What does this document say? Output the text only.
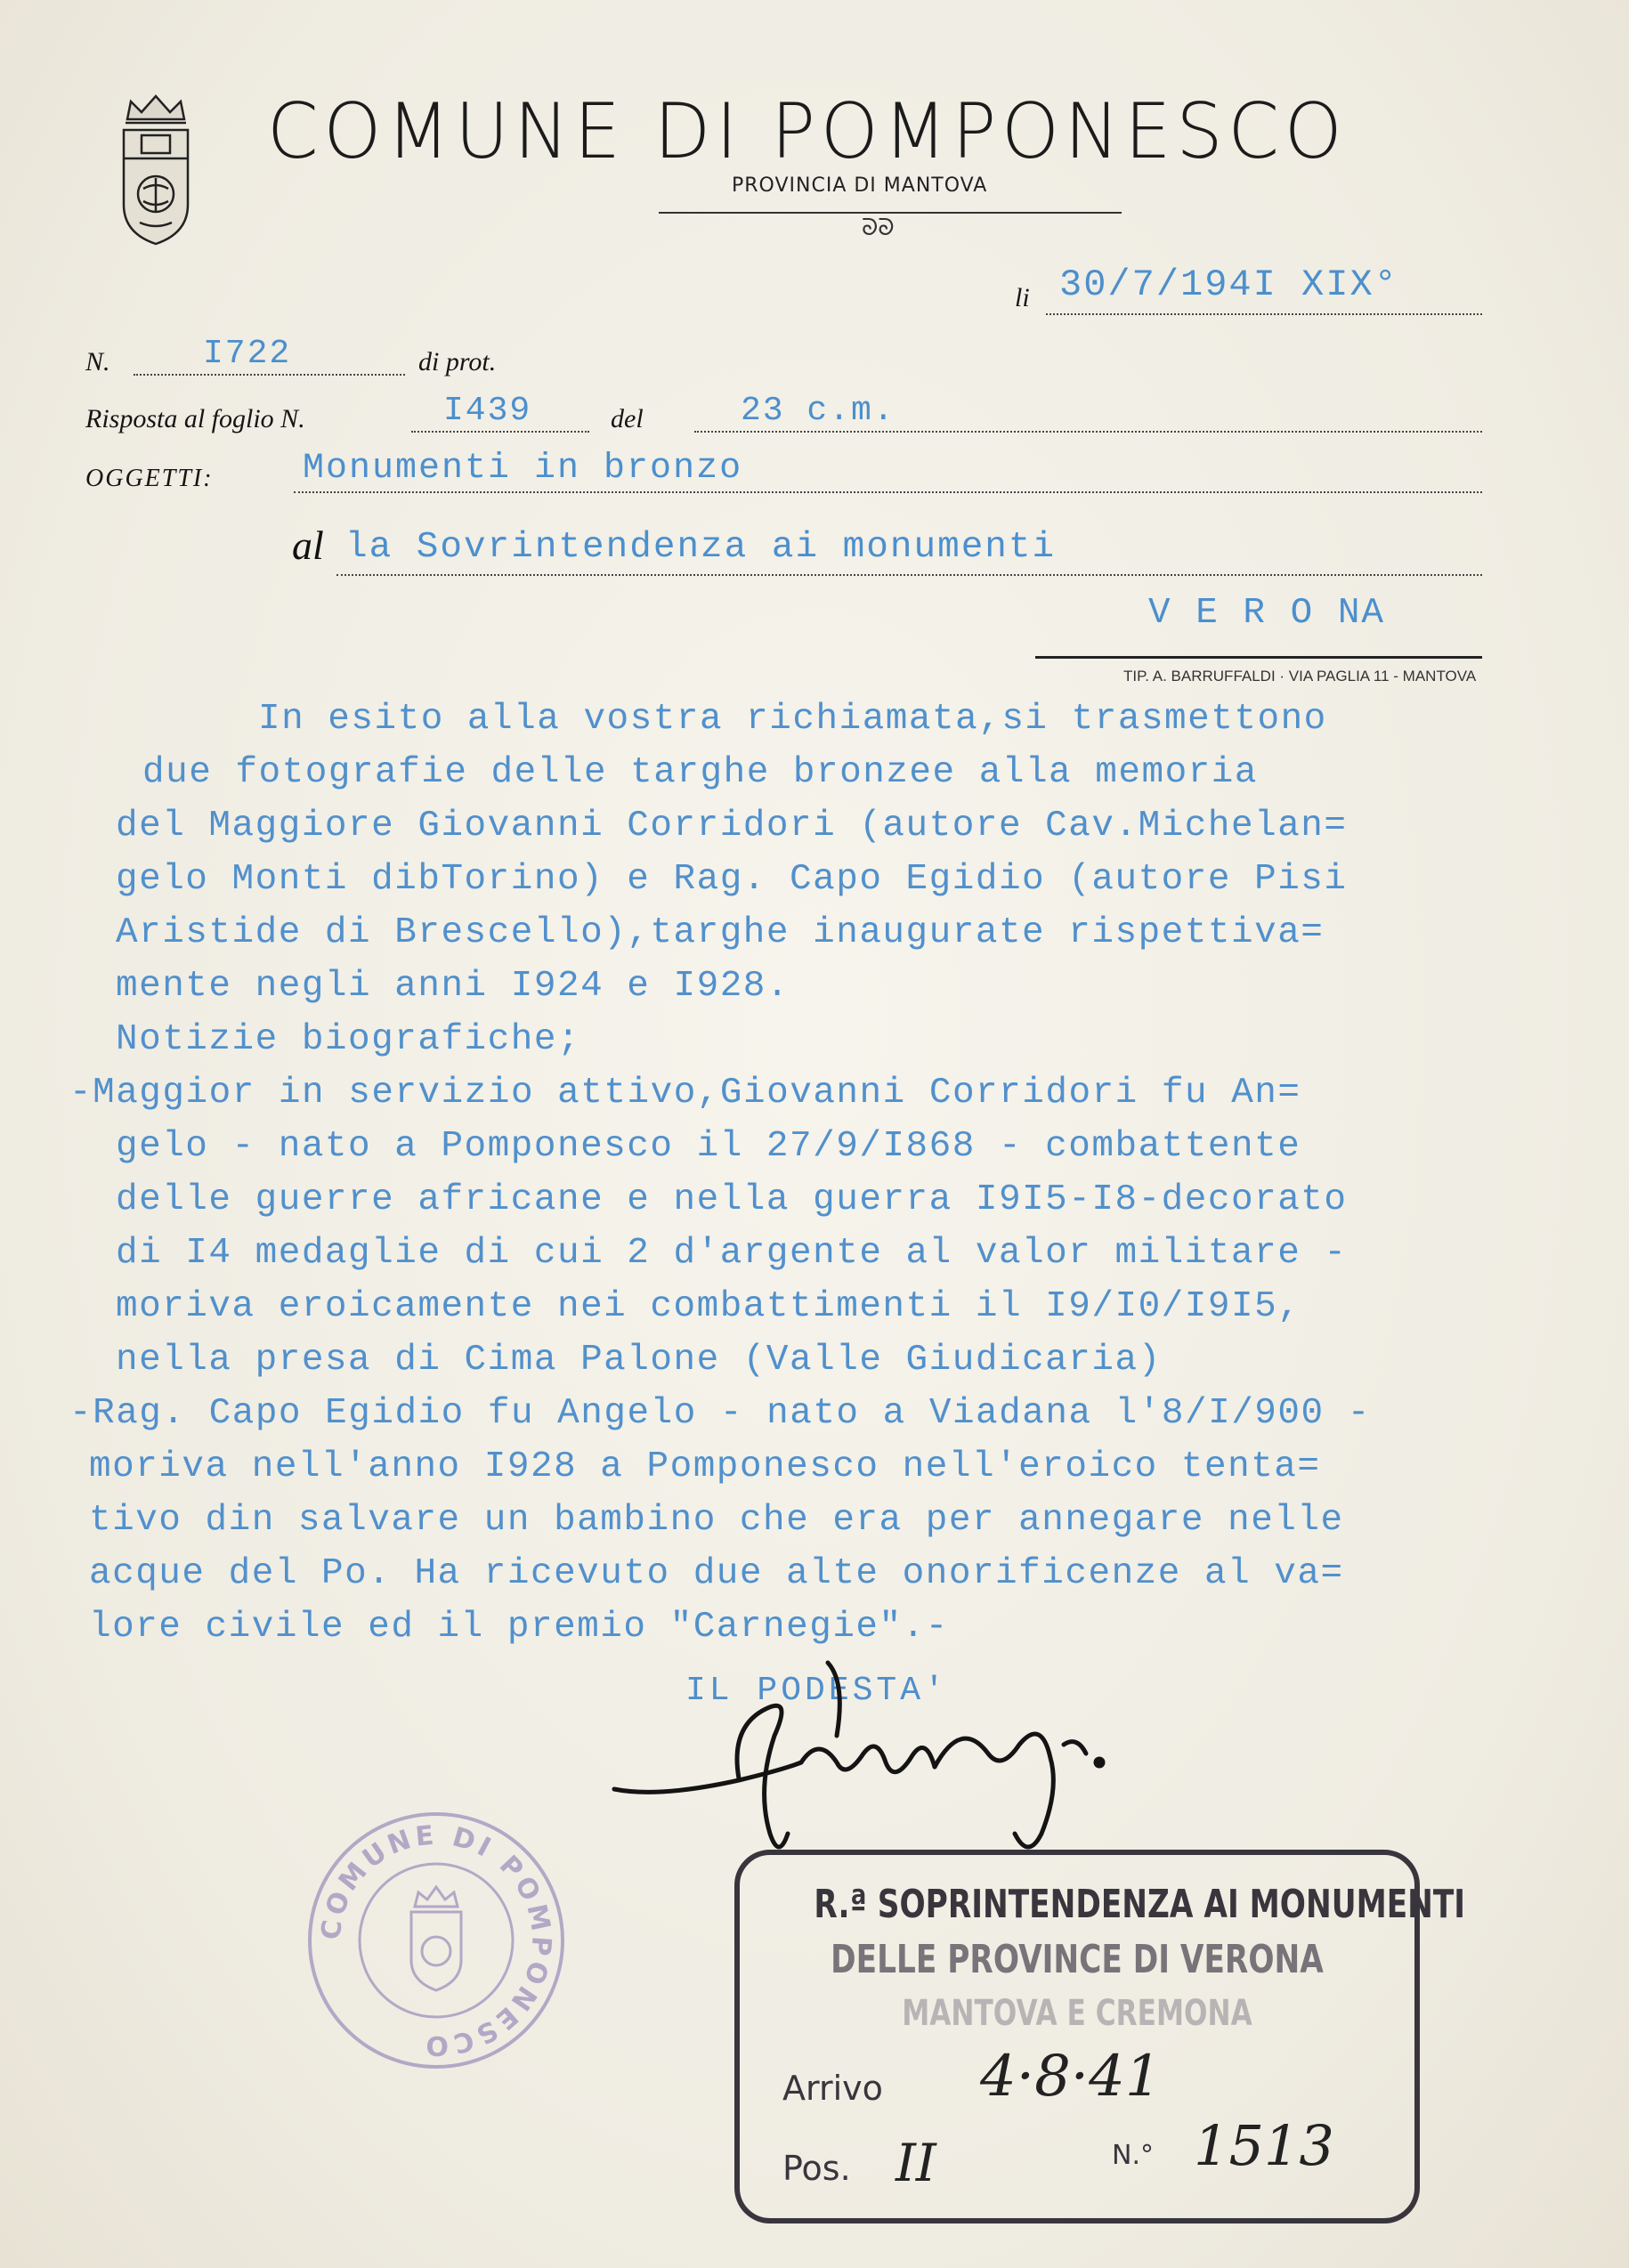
COMUNE DI POMPONESCO
PROVINCIA DI MANTOVA
ᘐᘐ
li 30/7/194I XIX°
N.	I722	di prot.
Risposta al foglio N.	I439	del	23 c.m.
OGGETTI:	Monumenti in bronzo
al la Sovrintendenza ai monumenti
V E R O NA
TIP. A. BARRUFFALDI · VIA PAGLIA 11 - MANTOVA
In esito alla vostra richiamata,si trasmettono
due fotografie delle targhe bronzee alla memoria
del Maggiore Giovanni Corridori (autore Cav.Michelan=
gelo Monti dibTorino) e Rag. Capo Egidio (autore Pisi
Aristide di Brescello),targhe inaugurate rispettiva=
mente negli anni I924 e I928.
Notizie biografiche;
-Maggior in servizio attivo,Giovanni Corridori fu An=
gelo - nato a Pomponesco il 27/9/I868 - combattente
delle guerre africane e nella guerra I9I5-I8-decorato
di I4 medaglie di cui 2 d'argente al valor militare -
moriva eroicamente nei combattimenti il I9/I0/I9I5,
nella presa di Cima Palone (Valle Giudicaria)
-Rag. Capo Egidio fu Angelo - nato a Viadana l'8/I/900 -
moriva nell'anno I928 a Pomponesco nell'eroico tenta=
tivo din salvare un bambino che era per annegare nelle
acque del Po. Ha ricevuto due alte onorificenze al va=
lore civile ed il premio "Carnegie".-
IL PODESTA'
COMUNE DI POMPONESCO
R.ª SOPRINTENDENZA AI MONUMENTI
DELLE PROVINCE DI VERONA
MANTOVA E CREMONA
Arrivo 4·8·41
Pos. II	N.° 1513
